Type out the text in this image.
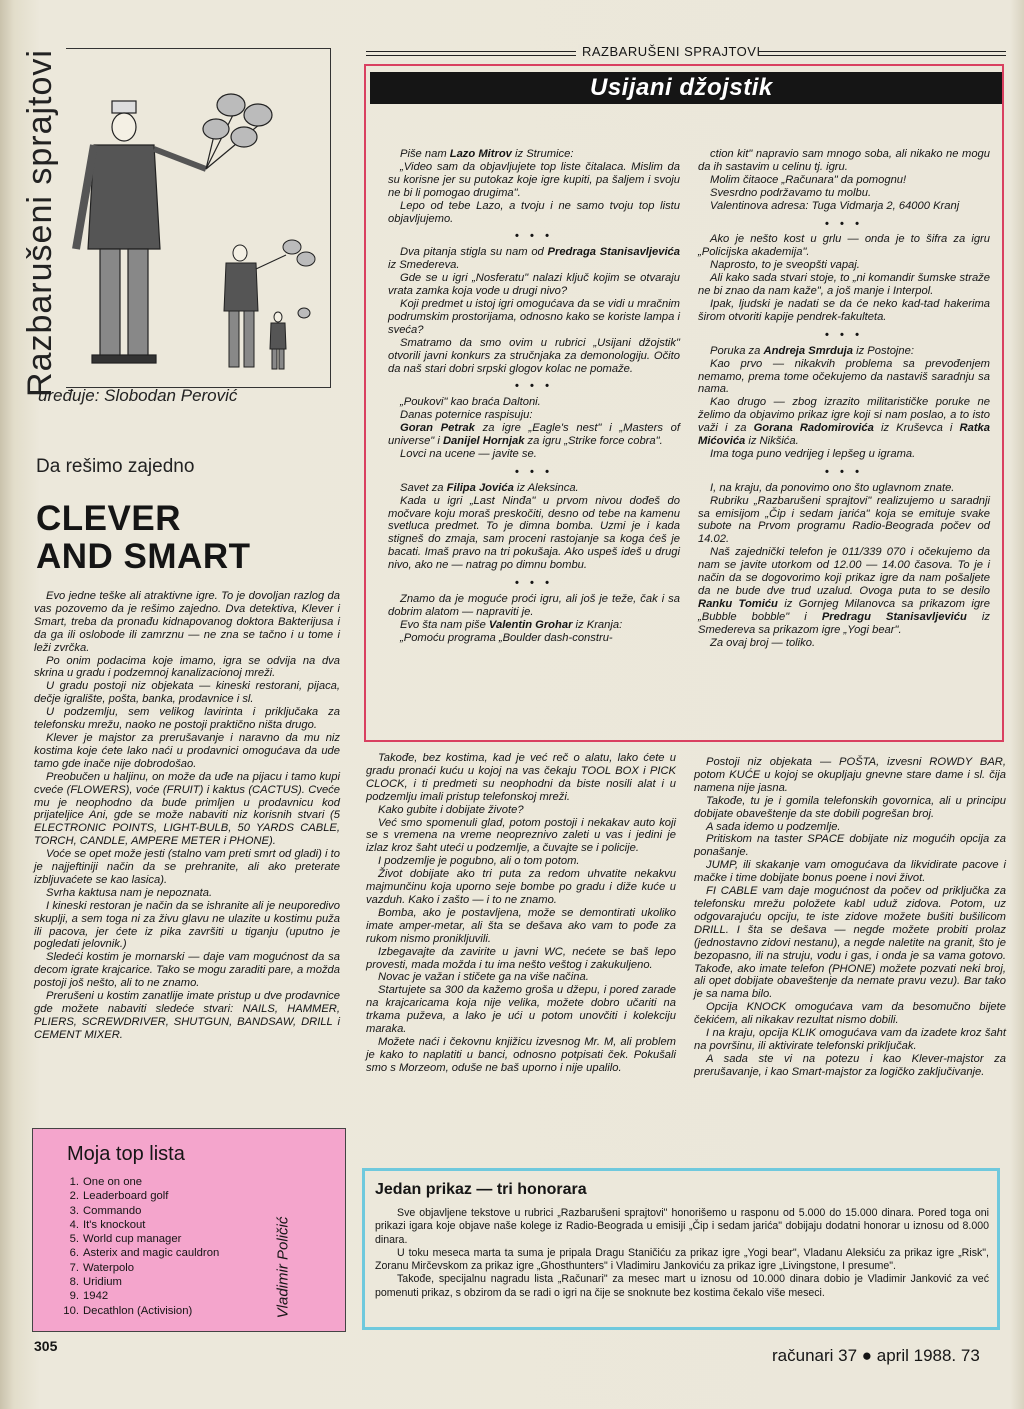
Razbarušeni sprajtovi
uređuje: Slobodan Perović
Da rešimo zajedno
CLEVER
AND SMART

Evo jedne teške ali atraktivne igre. To je dovoljan razlog da vas pozovemo da je rešimo zajedno. Dva detektiva, Klever i Smart, treba da pronađu kidnapovanog doktora Bakterijusa i da ga ili oslobode ili zamrznu — ne zna se tačno i u tome i leži zvrčka.

Po onim podacima koje imamo, igra se odvija na dva skrina u gradu i podzemnoj kanalizacionoj mreži.

U gradu postoji niz objekata — kineski restorani, pijaca, dečje igralište, pošta, banka, prodavnice i sl.

U podzemlju, sem velikog lavirinta i priključaka za telefonsku mrežu, naoko ne postoji praktično ništa drugo.

Klever je majstor za prerušavanje i naravno da mu niz kostima koje ćete lako naći u prodavnici omogućava da ude tamo gde inače nije dobrodošao.

Preobučen u haljinu, on može da uđe na pijacu i tamo kupi cveće (FLOWERS), voće (FRUIT) i kaktus (CACTUS). Cveće mu je neophodno da bude primljen u prodavnicu kod prijateljice Ani, gde se može nabaviti niz korisnih stvari (5 ELECTRONIC POINTS, LIGHT-BULB, 50 YARDS CABLE, TORCH, CANDLE, AMPERE METER i PHONE).

Voće se opet može jesti (stalno vam preti smrt od gladi) i to je najjeftiniji način da se prehranite, ali ako preterate izbljuvaćete se kao lasica).

Svrha kaktusa nam je nepoznata.

I kineski restoran je način da se ishranite ali je neuporedivo skuplji, a sem toga ni za živu glavu ne ulazite u kostimu puža ili pacova, jer ćete iz pika završiti u tiganju (uputno je pogledati jelovnik.)

Sledeći kostim je mornarski — daje vam mogućnost da sa decom igrate krajcarice. Tako se mogu zaraditi pare, a možda postoji još nešto, ali to ne znamo.

Prerušeni u kostim zanatlije imate pristup u dve prodavnice gde možete nabaviti sledeće stvari: NAILS, HAMMER, PLIERS, SCREWDRIVER, SHUTGUN, BANDSAW, DRILL i CEMENT MIXER.

RAZBARUŠENI SPRAJTOVI
Usijani džojstik

Piše nam Lazo Mitrov iz Strumice:

„Video sam da objavljujete top liste čitalaca. Mislim da su korisne jer su putokaz koje igre kupiti, pa šaljem i svoju ne bi li pomogao drugima".

Lepo od tebe Lazo, a tvoju i ne samo tvoju top listu objavljujemo.

• • •

Dva pitanja stigla su nam od Predraga Stanisavljevića iz Smedereva.

Gde se u igri „Nosferatu" nalazi ključ kojim se otvaraju vrata zamka koja vode u drugi nivo?

Koji predmet u istoj igri omogućava da se vidi u mračnim podrumskim prostorijama, odnosno kako se koriste lampa i sveća?

Smatramo da smo ovim u rubrici „Usijani džojstik" otvorili javni konkurs za stručnjaka za demonologiju. Očito da naš stari dobri srpski glogov kolac ne pomaže.

• • •

„Poukovi" kao braća Daltoni.

Danas poternice raspisuju:

Goran Petrak za igre „Eagle's nest" i „Masters of universe" i Danijel Hornjak za igru „Strike force cobra".

Lovci na ucene — javite se.

• • •

Savet za Filipa Jovića iz Aleksinca.

Kada u igri „Last Ninđa" u prvom nivou dođeš do močvare koju moraš preskočiti, desno od tebe na kamenu svetluca predmet. To je dimna bomba. Uzmi je i kada stigneš do zmaja, sam proceni rastojanje sa koga ćeš je bacati. Imaš pravo na tri pokušaja. Ako uspeš ideš u drugi nivo, ako ne — natrag po dimnu bombu.

• • •

Znamo da je moguće proći igru, ali još je teže, čak i sa dobrim alatom — napraviti je.

Evo šta nam piše Valentin Grohar iz Kranja:

„Pomoću programa „Boulder dash-constru-

ction kit" napravio sam mnogo soba, ali nikako ne mogu da ih sastavim u celinu tj. igru.

Molim čitaoce „Računara" da pomognu!

Svesrdno podržavamo tu molbu.

Valentinova adresa: Tuga Vidmarja 2, 64000 Kranj

• • •

Ako je nešto kost u grlu — onda je to šifra za igru „Policijska akademija".

Naprosto, to je sveopšti vapaj.

Ali kako sada stvari stoje, to „ni komandir šumske straže ne bi znao da nam kaže", a još manje i Interpol.

Ipak, ljudski je nadati se da će neko kad-tad hakerima širom otvoriti kapije pendrek-fakulteta.

• • •

Poruka za Andreja Smrduja iz Postojne:

Kao prvo — nikakvih problema sa prevođenjem nemamo, prema tome očekujemo da nastaviš saradnju sa nama.

Kao drugo — zbog izrazito militarističke poruke ne želimo da objavimo prikaz igre koji si nam poslao, a to isto važi i za Gorana Radomirovića iz Kruševca i Ratka Mićovića iz Nikšića.

Ima toga puno vedrijeg i lepšeg u igrama.

• • •

I, na kraju, da ponovimo ono što uglavnom znate.

Rubriku „Razbarušeni sprajtovi" realizujemo u saradnji sa emisijom „Čip i sedam jarića" koja se emituje svake subote na Prvom programu Radio-Beograda počev od 14.02.

Naš zajednički telefon je 011/339 070 i očekujemo da nam se javite utorkom od 12.00 — 14.00 časova. To je i način da se dogovorimo koji prikaz igre da nam pošaljete da ne bude dve trud uzalud. Ovoga puta to se desilo Ranku Tomiću iz Gornjeg Milanovca sa prikazom igre „Bubble bobble" i Predragu Stanisavljeviću iz Smedereva sa prikazom igre „Yogi bear".

Za ovaj broj — toliko.

Takođe, bez kostima, kad je već reč o alatu, lako ćete u gradu pronaći kuću u kojoj na vas čekaju TOOL BOX i PICK CLOCK, i ti predmeti su neophodni da biste nosili alat i u podzemlju imali pristup telefonskoj mreži.

Kako gubite i dobijate živote?

Već smo spomenuli glad, potom postoji i nekakav auto koji se s vremena na vreme neopreznivo zaleti u vas i jedini je izlaz kroz šaht uteći u podzemlje, a čuvajte se i policije.

I podzemlje je pogubno, ali o tom potom.

Život dobijate ako tri puta za redom uhvatite nekakvu majmunčinu koja uporno seje bombe po gradu i diže kuće u vazduh. Kako i zašto — i to ne znamo.

Bomba, ako je postavljena, može se demontirati ukoliko imate amper-metar, ali šta se dešava ako vam to pođe za rukom nismo pronikljuvili.

Izbegavajte da zavirite u javni WC, nećete se baš lepo provesti, mada možda i tu ima nešto veštog i zakukuljeno.

Novac je važan i stičete ga na više načina.

Startujete sa 300 da kažemo groša u džepu, i pored zarade na krajcaricama koja nije velika, možete dobro učariti na trkama puževa, a lako je ući u potom unovčiti i kolekciju maraka.

Možete naći i čekovnu knjižicu izvesnog Mr. M, ali problem je kako to naplatiti u banci, odnosno potpisati ček. Pokušali smo s Morzeom, oduše ne baš uporno i nije upalilo.

Postoji niz objekata — POŠTA, izvesni ROWDY BAR, potom KUĆE u kojoj se okupljaju gnevne stare dame i sl. čija namena nije jasna.

Takođe, tu je i gomila telefonskih govornica, ali u principu dobijate obaveštenje da ste dobili pogrešan broj.

A sada idemo u podzemlje.

Pritiskom na taster SPACE dobijate niz mogućih opcija za ponašanje.

JUMP, ili skakanje vam omogućava da likvidirate pacove i mačke i time dobijate bonus poene i novi život.

FI CABLE vam daje mogućnost da počev od priključka za telefonsku mrežu položete kabl uduž zidova. Potom, uz odgovarajuću opciju, te iste zidove možete bušiti bušilicom DRILL. I šta se dešava — negde možete probiti prolaz (jednostavno zidovi nestanu), a negde naletite na granit, što je bezopasno, ili na struju, vodu i gas, i onda je sa vama gotovo. Takođe, ako imate telefon (PHONE) možete pozvati neki broj, ali opet dobijate obaveštenje da nemate pravu vezu). Bar tako je sa nama bilo.

Opcija KNOCK omogućava vam da besomučno bijete čekićem, ali nikakav rezultat nismo dobili.

I na kraju, opcija KLIK omogućava vam da izadete kroz šaht na površinu, ili aktivirate telefonski priključak.

A sada ste vi na potezu i kao Klever-majstor za prerušavanje, i kao Smart-majstor za logičko zaključivanje.

Moja top lista
1. One on one
2. Leaderboard golf
3. Commando
4. It's knockout
5. World cup manager
6. Asterix and magic cauldron
7. Waterpolo
8. Uridium
9. 1942
10. Decathlon (Activision)	Vladimir Poličić
Jedan prikaz — tri honorara

Sve objavljene tekstove u rubrici „Razbarušeni sprajtovi" honorišemo u rasponu od 5.000 do 15.000 dinara. Pored toga oni prikazi igara koje objave naše kolege iz Radio-Beograda u emisiji „Čip i sedam jarića" dobijaju dodatni honorar u iznosu od 8.000 dinara.

U toku meseca marta ta suma je pripala Dragu Staničiću za prikaz igre „Yogi bear", Vladanu Aleksiću za prikaz igre „Risk", Zoranu Mirčevskom za prikaz igre „Ghosthunters" i Vladimiru Jankoviću za prikaz igre „Livingstone, I presume".

Takođe, specijalnu nagradu lista „Računari" za mesec mart u iznosu od 10.000 dinara dobio je Vladimir Janković za već pomenuti prikaz, s obzirom da se radi o igri na čije se snoknute bez kostima čekalo više meseci.

305	računari 37 ● april 1988. 73
